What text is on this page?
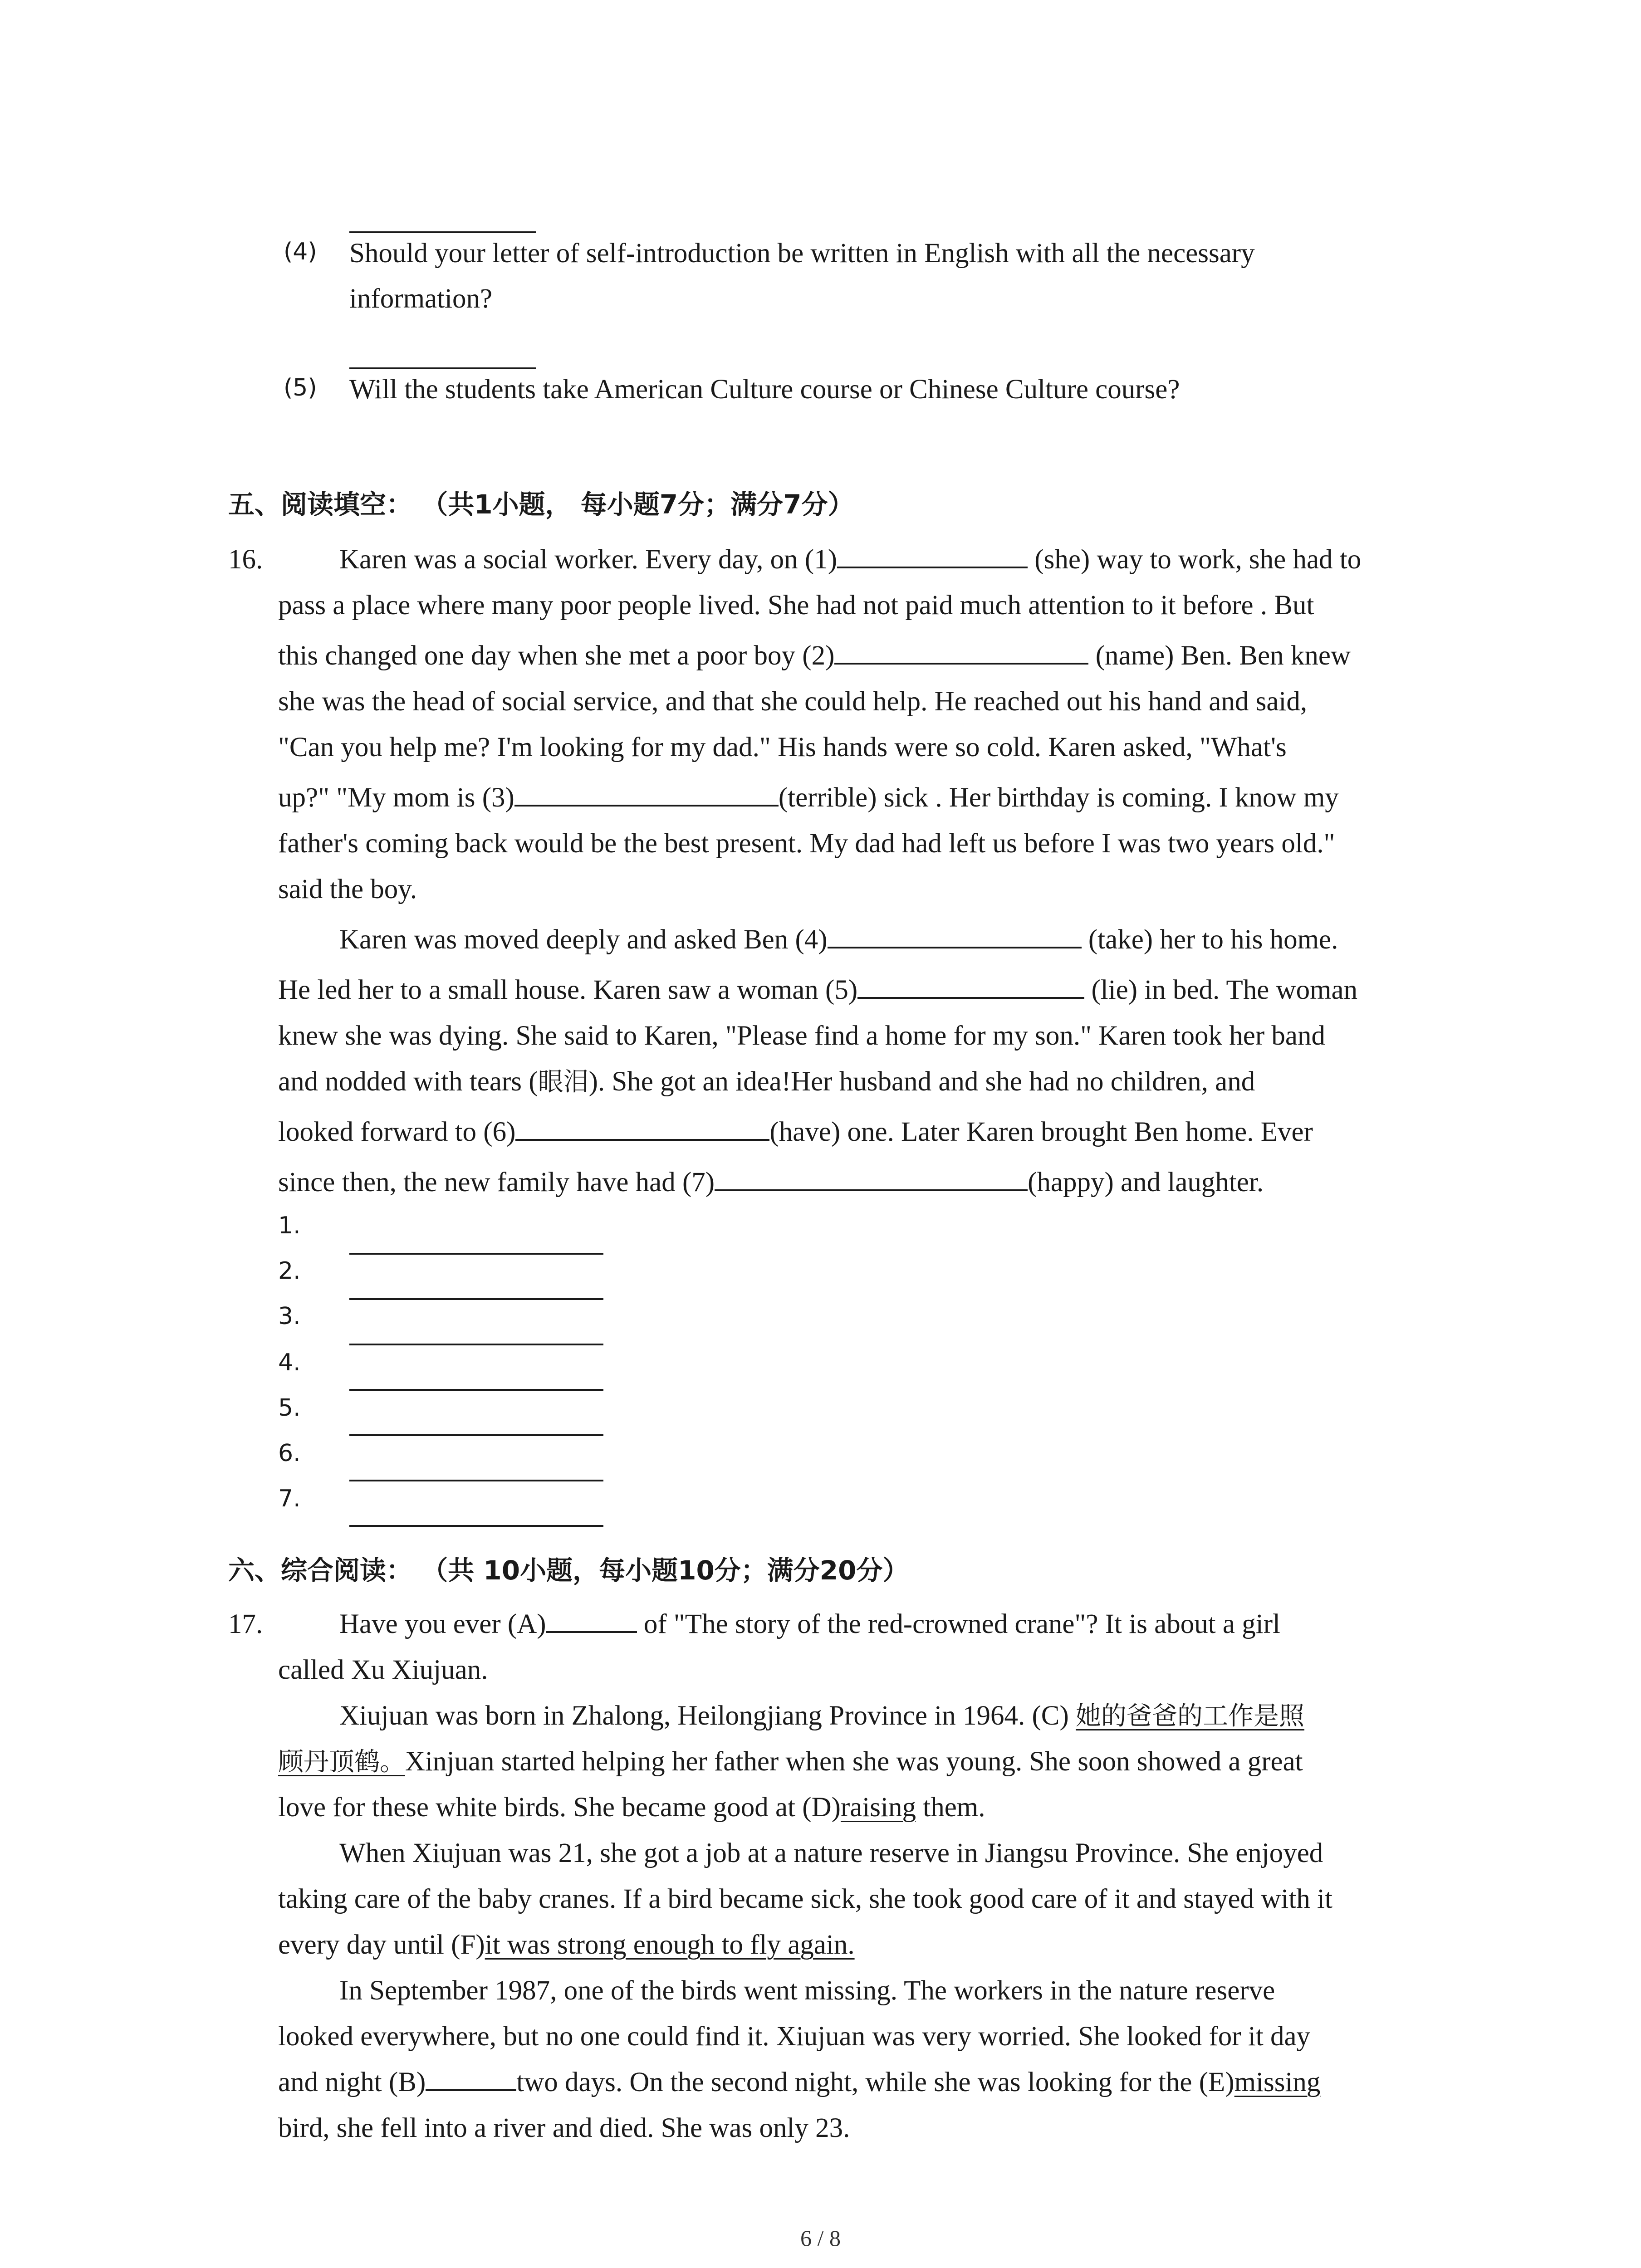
(4) Should your letter of self-introduction be written in English with all the necessary
information?
(5) Will the students take American Culture course or Chinese Culture course?
五、阅读填空： （共1小题， 每小题7分；满分7分）
16.	Karen was a social worker. Every day, on (1)	(she) way to work, she had to
pass a place where many poor people lived. She had not paid much attention to it before . But
this changed one day when she met a poor boy (2)	(name) Ben. Ben knew
she was the head of social service, and that she could help. He reached out his hand and said,
"Can you help me? I'm looking for my dad." His hands were so cold. Karen asked, "What's
up?" "My mom is (3)	(terrible) sick . Her birthday is coming. I know my
father's coming back would be the best present. My dad had left us before I was two years old."
said the boy.
Karen was moved deeply and asked Ben (4)	(take) her to his home.
He led her to a small house. Karen saw a woman (5)	(lie) in bed. The woman
knew she was dying. She said to Karen, "Please find a home for my son." Karen took her band
and nodded with tears (眼泪). She got an idea!Her husband and she had no children, and
looked forward to (6)	(have) one. Later Karen brought Ben home. Ever
since then, the new family have had (7)	(happy) and laughter.
1.
2.
3.
4.
5.
6.
7.
六、综合阅读： （共 10小题，每小题10分；满分20分）
17.	Have you ever (A)	of "The story of the red-crowned crane"? It is about a girl
called Xu Xiujuan.
Xiujuan was born in Zhalong, Heilongjiang Province in 1964. (C) 她的爸爸的工作是照
顾丹顶鹤。Xinjuan started helping her father when she was young. She soon showed a great
love for these white birds. She became good at (D)raising them.
When Xiujuan was 21, she got a job at a nature reserve in Jiangsu Province. She enjoyed
taking care of the baby cranes. If a bird became sick, she took good care of it and stayed with it
every day until (F)it was strong enough to fly again.
In September 1987, one of the birds went missing. The workers in the nature reserve
looked everywhere, but no one could find it. Xiujuan was very worried. She looked for it day
and night (B)	two days. On the second night, while she was looking for the (E)missing
bird, she fell into a river and died. She was only 23.
6 / 8
